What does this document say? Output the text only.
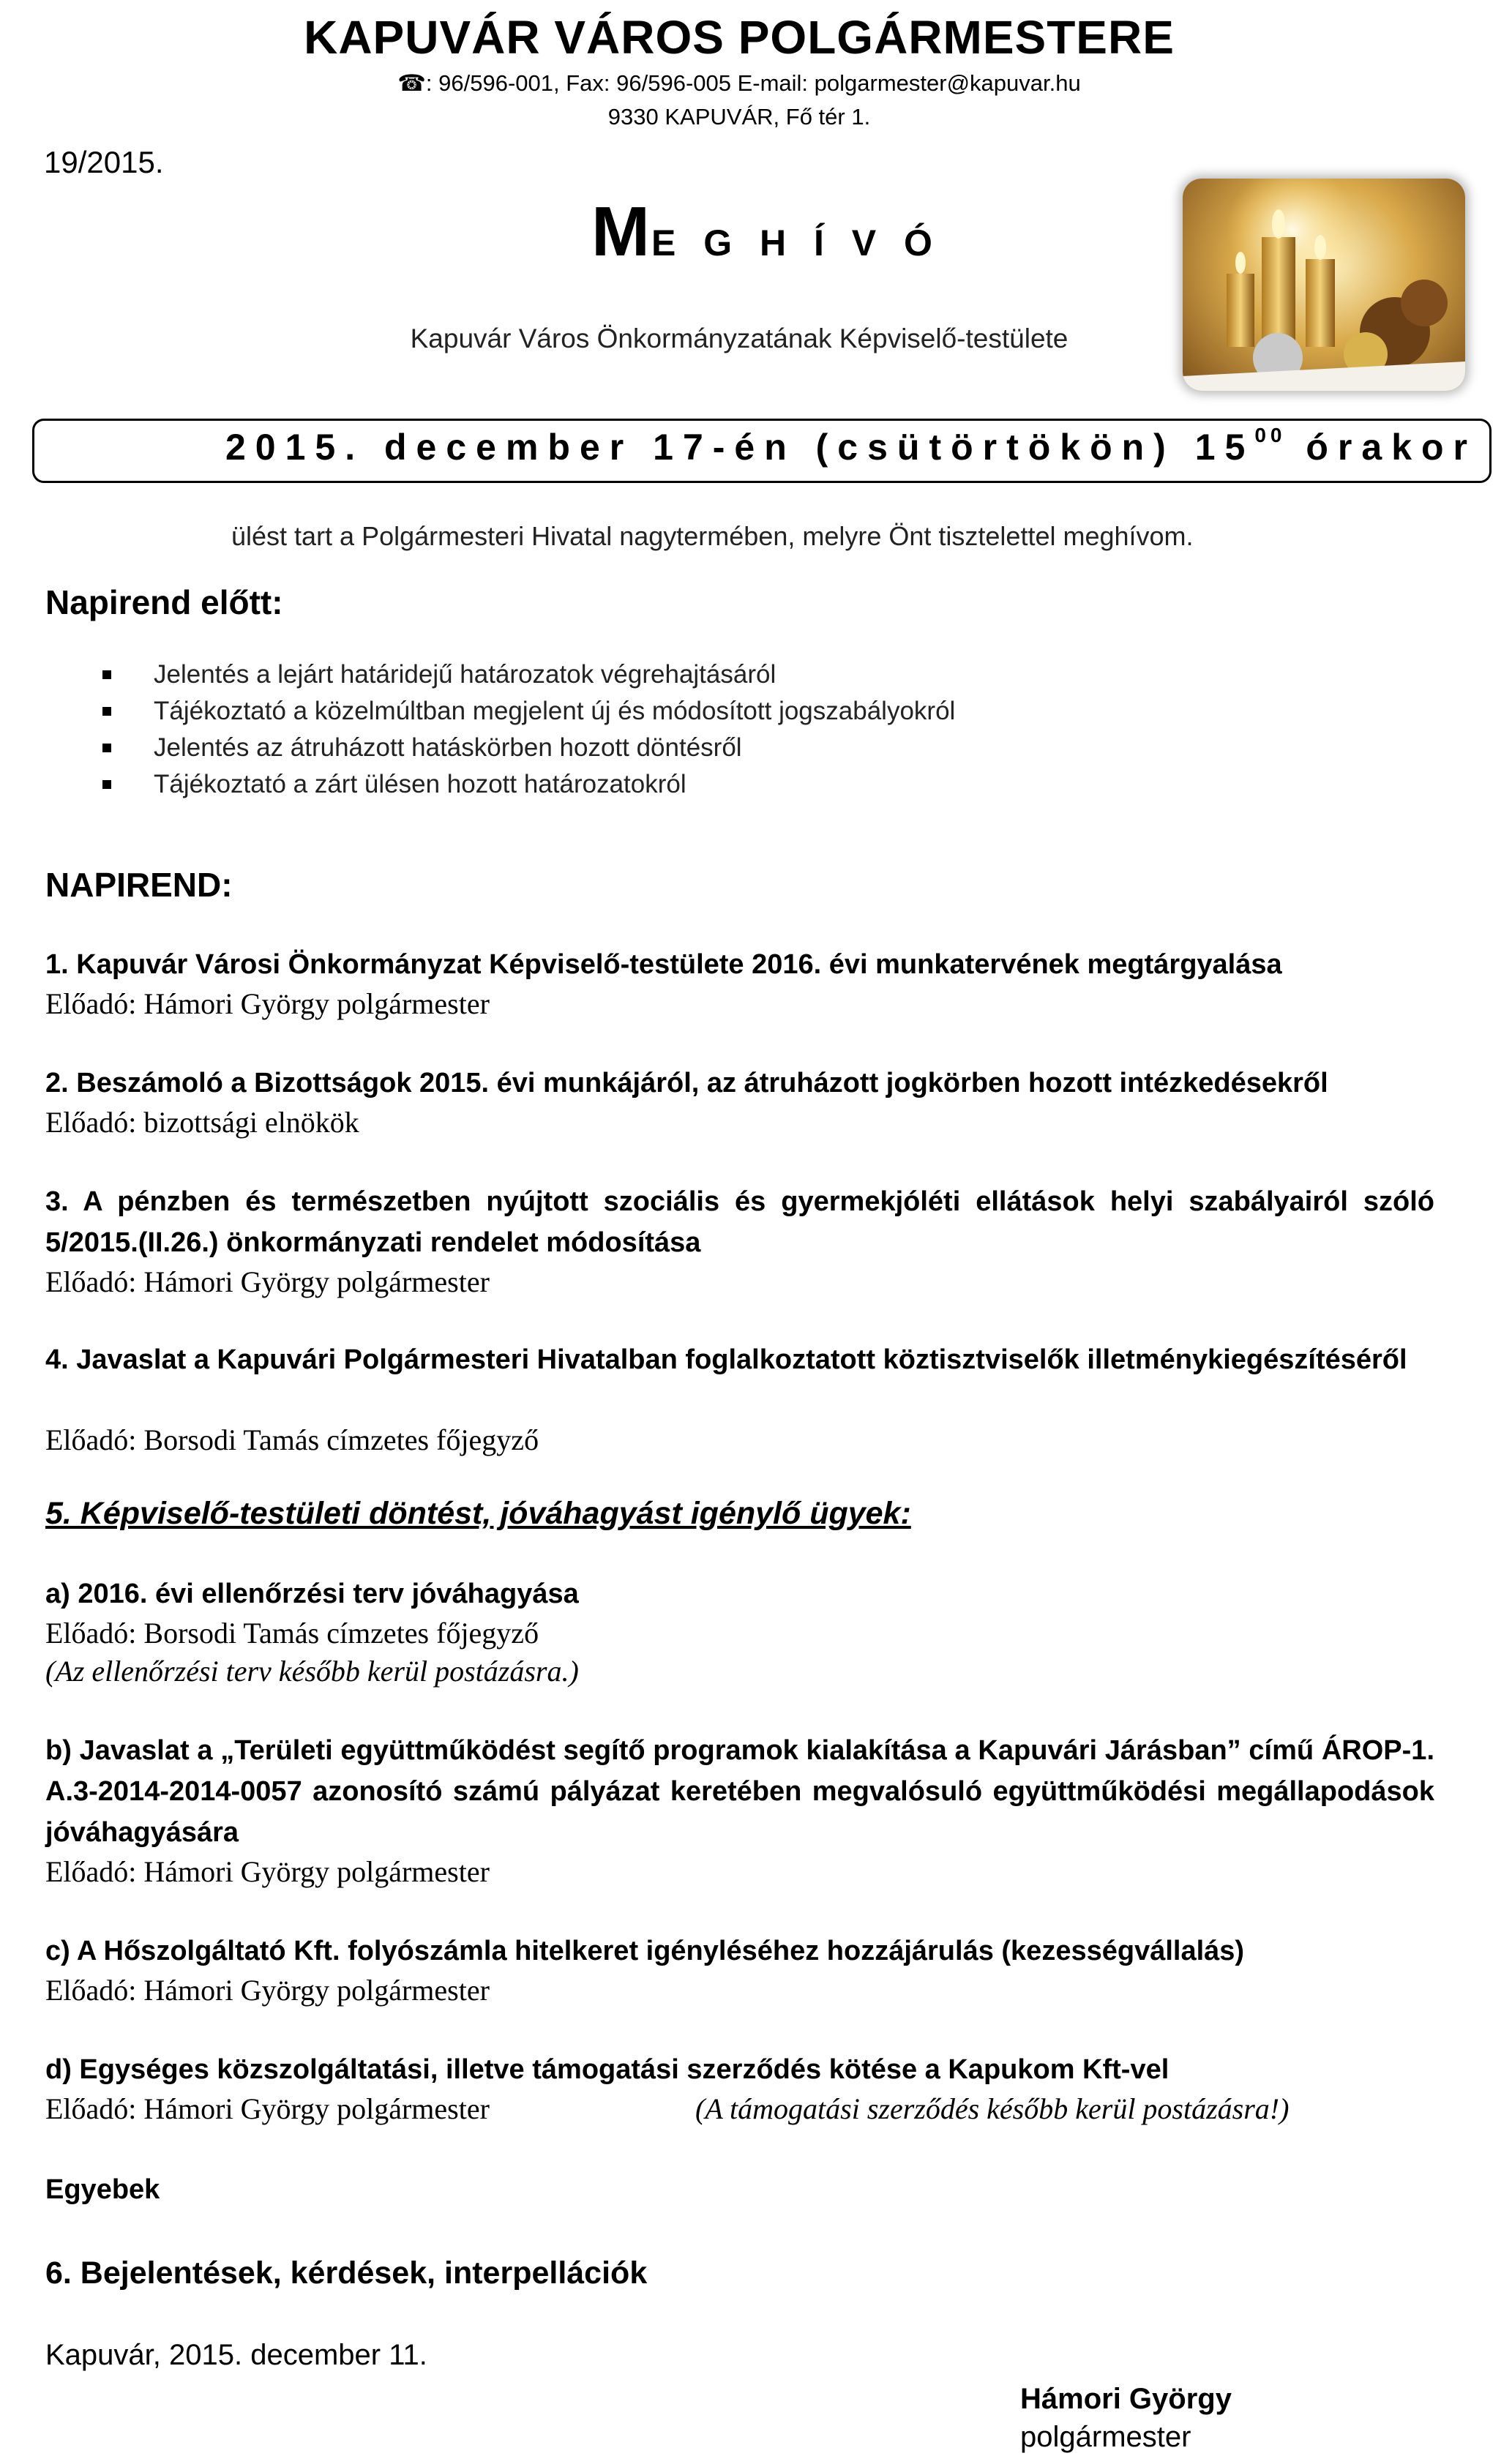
KAPUVÁR VÁROS POLGÁRMESTERE
☎: 96/596-001, Fax: 96/596-005 E-mail: polgarmester@kapuvar.hu
9330 KAPUVÁR, Fő tér 1.
19/2015.
ME G H Í V Ó
Kapuvár Város Önkormányzatának Képviselő-testülete
2015. december 17-én (csütörtökön) $15^{00}$ órakor
ülést tart a Polgármesteri Hivatal nagytermében, melyre Önt tisztelettel meghívom.
Napirend előtt:
Jelentés a lejárt határidejű határozatok végrehajtásáról
Tájékoztató a közelmúltban megjelent új és módosított jogszabályokról
Jelentés az átruházott hatáskörben hozott döntésről
Tájékoztató a zárt ülésen hozott határozatokról
NAPIREND:
1. Kapuvár Városi Önkormányzat Képviselő-testülete 2016. évi munkatervének megtárgyalása
Előadó: Hámori György polgármester
2. Beszámoló a Bizottságok 2015. évi munkájáról, az átruházott jogkörben hozott intézkedésekről
Előadó: bizottsági elnökök
3. A pénzben és természetben nyújtott szociális és gyermekjóléti ellátások helyi szabályairól szóló 5/2015.(II.26.) önkormányzati rendelet módosítása
Előadó: Hámori György polgármester
4. Javaslat a Kapuvári Polgármesteri Hivatalban foglalkoztatott köztisztviselők illetménykiegészítéséről
Előadó: Borsodi Tamás címzetes főjegyző
5. Képviselő-testületi döntést, jóváhagyást igénylő ügyek:
a) 2016. évi ellenőrzési terv jóváhagyása
Előadó: Borsodi Tamás címzetes főjegyző
(Az ellenőrzési terv később kerül postázásra.)
b) Javaslat a „Területi együttműködést segítő programok kialakítása a Kapuvári Járásban” című ÁROP-1. A.3-2014-2014-0057 azonosító számú pályázat keretében megvalósuló együttműködési megállapodások jóváhagyására
Előadó: Hámori György polgármester
c) A Hőszolgáltató Kft. folyószámla hitelkeret igényléséhez hozzájárulás (kezességvállalás)
Előadó: Hámori György polgármester
d) Egységes közszolgáltatási, illetve támogatási szerződés kötése a Kapukom Kft-vel
Előadó: Hámori György polgármester	(A támogatási szerződés később kerül postázásra!)
Egyebek
6. Bejelentések, kérdések, interpellációk
Kapuvár, 2015. december 11.
Hámori György
polgármester
